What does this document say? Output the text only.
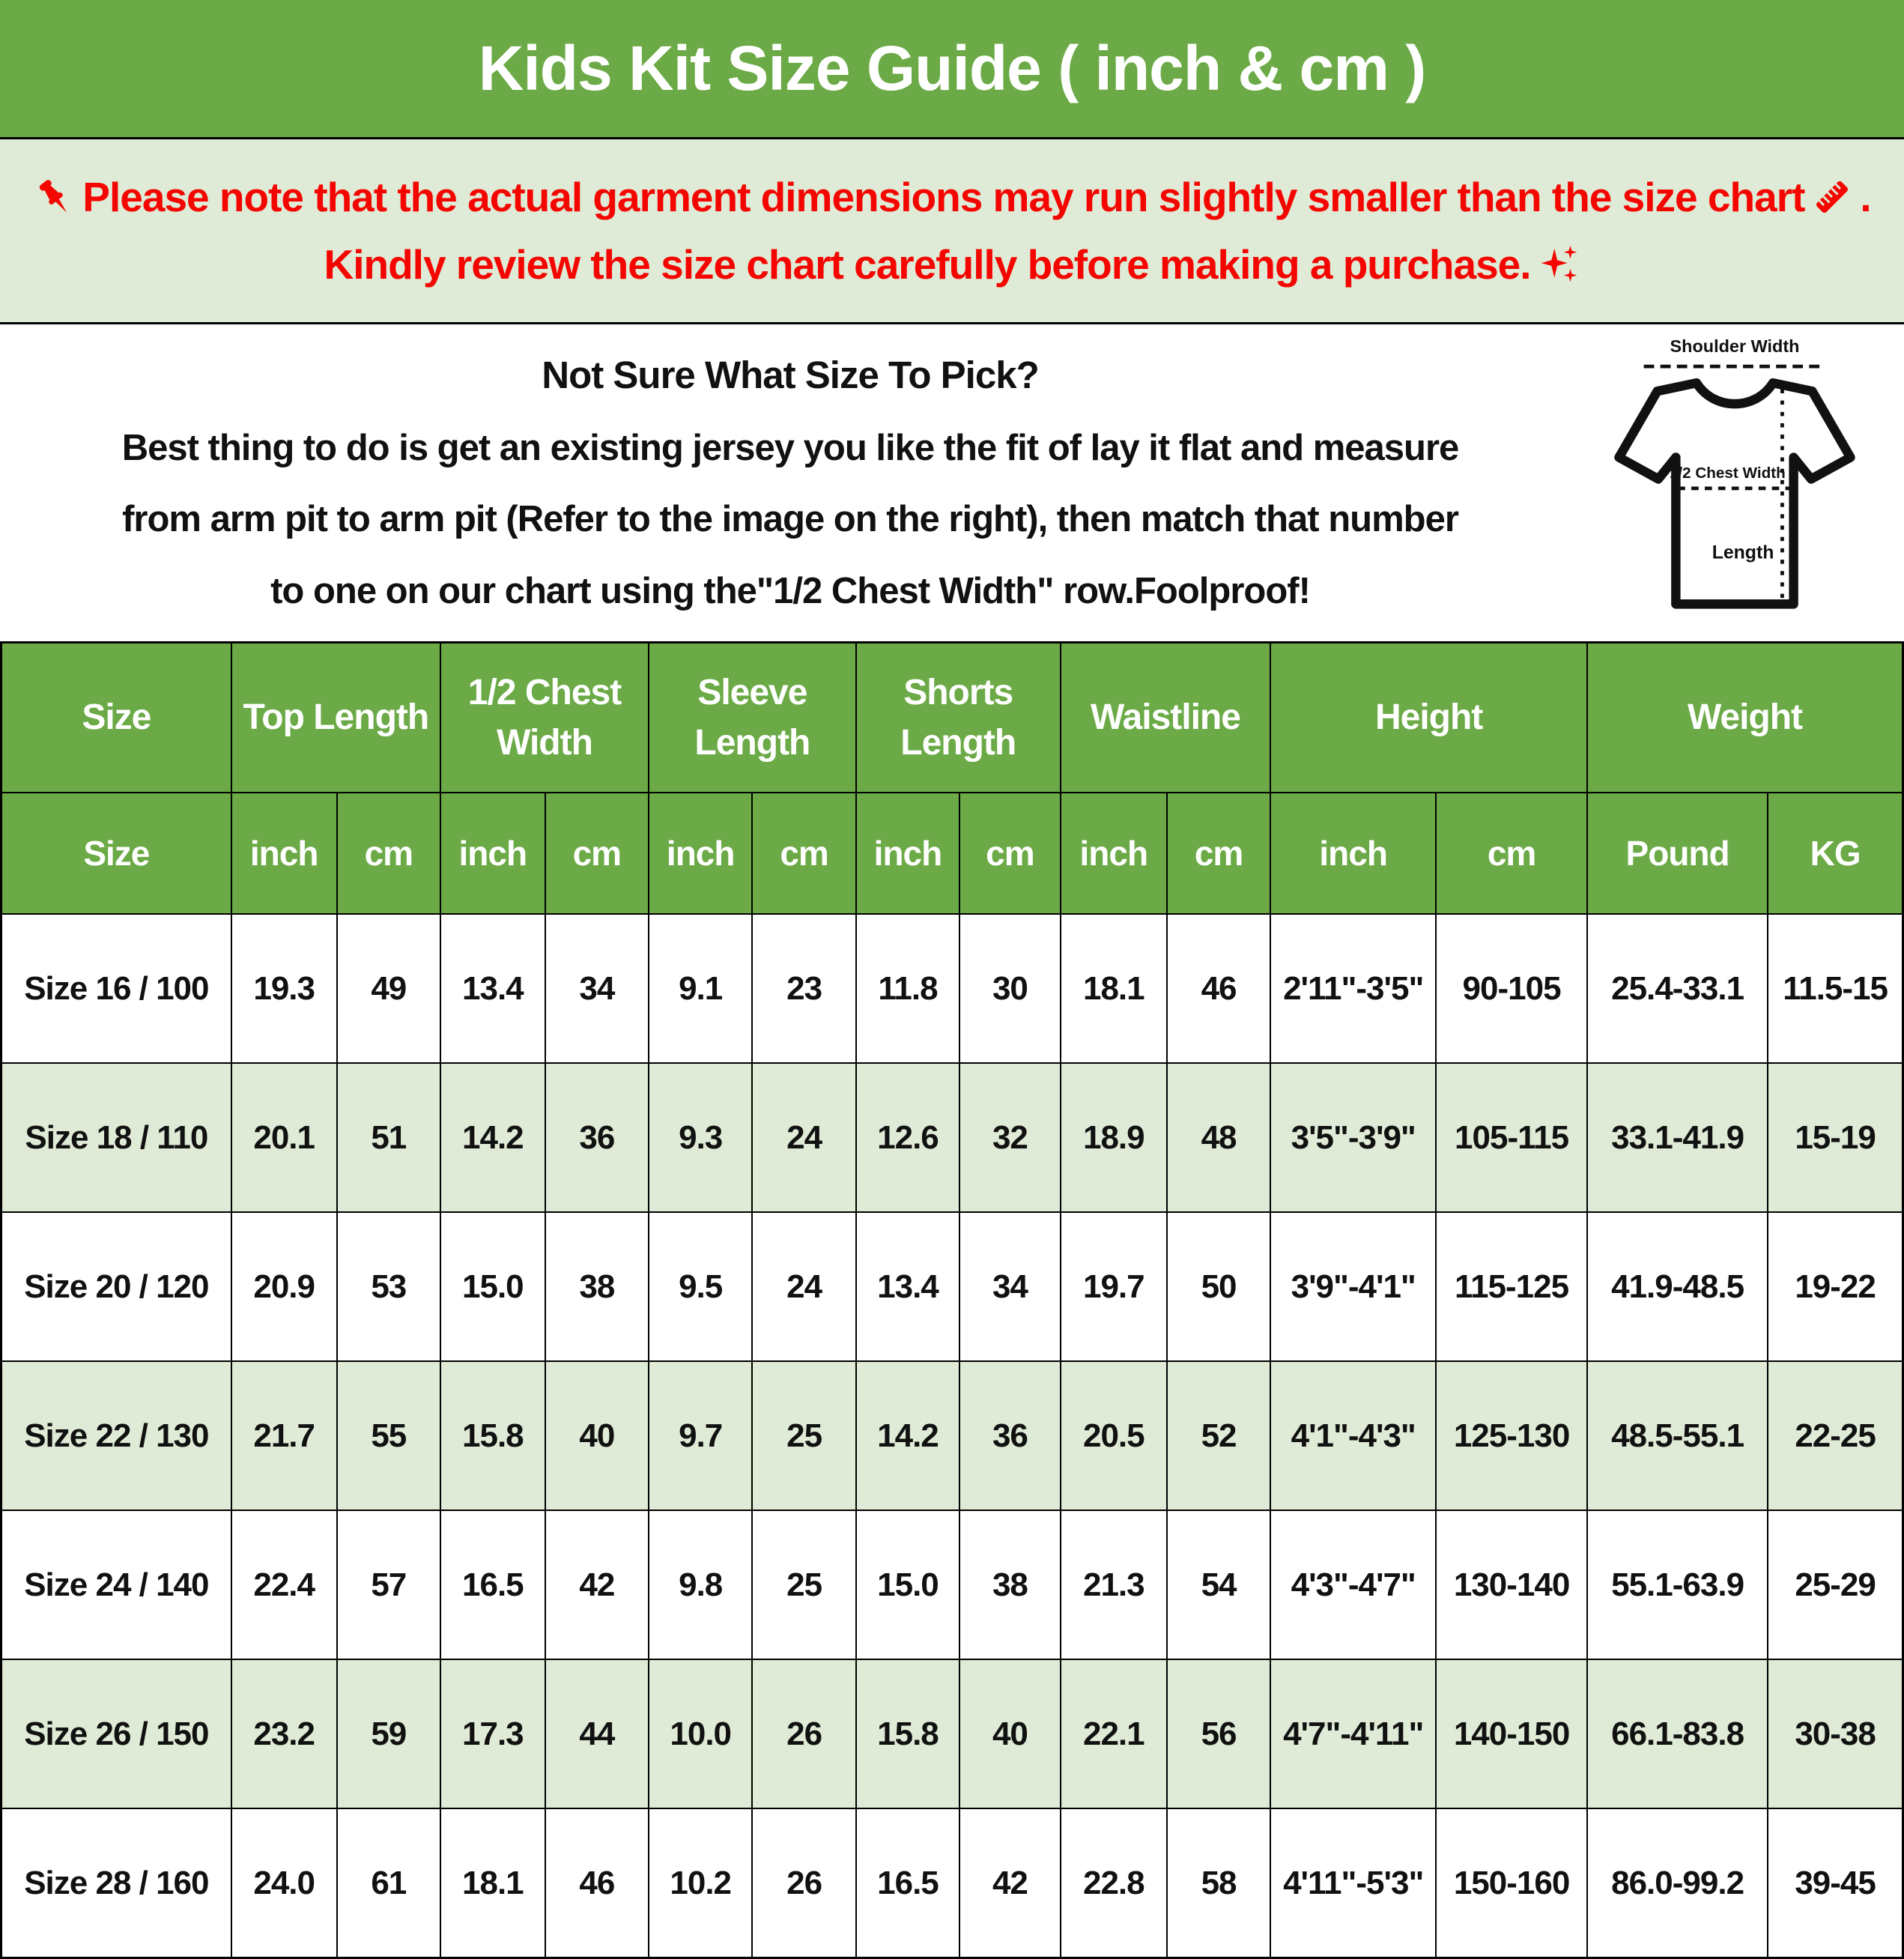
Kids Kit Size Guide ( inch & cm )
Please note that the actual garment dimensions may run slightly smaller than the size chart .
Kindly review the size chart carefully before making a purchase.
Not Sure What Size To Pick?
Best thing to do is get an existing jersey you like the fit of lay it flat and measure
from arm pit to arm pit (Refer to the image on the right), then match that number
to one on our chart using the"1/2 Chest Width" row.Foolproof!
Shoulder Width
1/2 Chest Width
Length
Size	Top Length		1/2 Chest Width		Sleeve Length		Shorts Length		Waistline		Height		Weight	
Size	inch	cm	inch	cm	inch	cm	inch	cm	inch	cm	inch	cm	Pound	KG
Size 16 / 100	19.3	49	13.4	34	9.1	23	11.8	30	18.1	46	2'11"-3'5"	90-105	25.4-33.1	11.5-15
Size 18 / 110	20.1	51	14.2	36	9.3	24	12.6	32	18.9	48	3'5"-3'9"	105-115	33.1-41.9	15-19
Size 20 / 120	20.9	53	15.0	38	9.5	24	13.4	34	19.7	50	3'9"-4'1"	115-125	41.9-48.5	19-22
Size 22 / 130	21.7	55	15.8	40	9.7	25	14.2	36	20.5	52	4'1"-4'3"	125-130	48.5-55.1	22-25
Size 24 / 140	22.4	57	16.5	42	9.8	25	15.0	38	21.3	54	4'3"-4'7"	130-140	55.1-63.9	25-29
Size 26 / 150	23.2	59	17.3	44	10.0	26	15.8	40	22.1	56	4'7"-4'11"	140-150	66.1-83.8	30-38
Size 28 / 160	24.0	61	18.1	46	10.2	26	16.5	42	22.8	58	4'11"-5'3"	150-160	86.0-99.2	39-45
